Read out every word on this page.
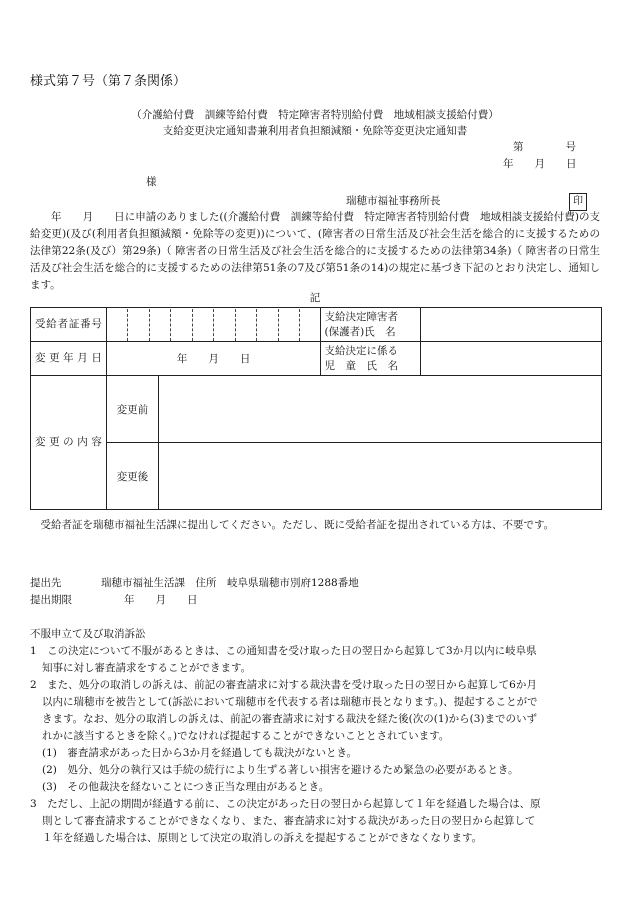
様式第７号（第７条関係）
（介護給付費　訓練等給付費　特定障害者特別給付費　地域相談支援給付費）
支給変更決定通知書兼利用者負担額減額・免除等変更決定通知書
第　　　　号
年　　月　　日
様
瑞穂市福祉事務所長	印
　　年　　月　　日に申請のありました((介護給付費　訓練等給付費　特定障害者特別給付費　地域相談支援給付費)の支給変更)(及び(利用者負担額減額・免除等の変更))について、(障害者の日常生活及び社会生活を総合的に支援するための法律第22条(及び）第29条)（ 障害者の日常生活及び社会生活を総合的に支援するための法律第34条)（ 障害者の日常生活及び社会生活を総合的に支援するための法律第51条の7及び第51条の14)の規定に基づき下記のとおり決定し、通知します。
記
受給者証番号			支給決定障害者
(保護者)氏　名	

変更年月日	年　　月　　日		支給決定に係る
児　童　氏　名	

変更の内容	変更前			
	変更後			
　受給者証を瑞穂市福祉生活課に提出してください。ただし、既に受給者証を提出されている方は、不要です。
提出先	瑞穂市福祉生活課　住所　岐阜県瑞穂市別府1288番地
提出期限	年　　月　　日
不服申立て及び取消訴訟
1　この決定について不服があるときは、この通知書を受け取った日の翌日から起算して3か月以内に岐阜県
知事に対し審査請求をすることができます。
2　また、処分の取消しの訴えは、前記の審査請求に対する裁決書を受け取った日の翌日から起算して6か月
以内に瑞穂市を被告として(訴訟において瑞穂市を代表する者は瑞穂市長となります。)、提起することがで
きます。なお、処分の取消しの訴えは、前記の審査請求に対する裁決を経た後(次の(1)から(3)までのいず
れかに該当するときを除く。)でなければ提起することができないこととされています。
(1)　審査請求があった日から3か月を経過しても裁決がないとき。
(2)　処分、処分の執行又は手続の続行により生ずる著しい損害を避けるため緊急の必要があるとき。
(3)　その他裁決を経ないことにつき正当な理由があるとき。
3　ただし、上記の期間が経過する前に、この決定があった日の翌日から起算して１年を経過した場合は、原
則として審査請求することができなくなり、また、審査請求に対する裁決があった日の翌日から起算して
１年を経過した場合は、原則として決定の取消しの訴えを提起することができなくなります。
